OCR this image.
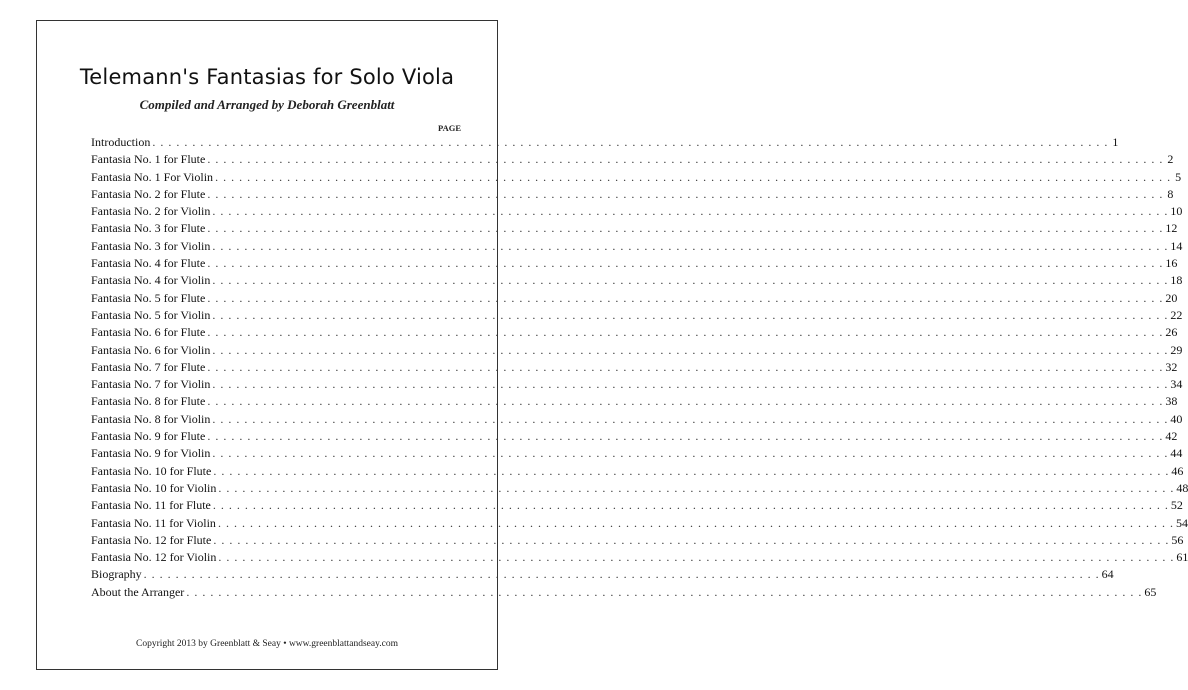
Telemann's Fantasias for Solo Viola
Compiled and Arranged by Deborah Greenblatt
PAGE
Introduction . . . . . . . . . . . . . . . . . . . . . . . . . . . . . . . . . . . . . . . . . . . . . . . . . . . . . . . . . . . . . . . . . . . . . . . . . . . . . . . . . . . . . . . . . . . . . . . . . . . . . . . . . . . . . . . . . . . . . . . . 1
Fantasia No. 1 for Flute . . . . . . . . . . . . . . . . . . . . . . . . . . . . . . . . . . . . . . . . . . . . . . . . . . . . . . . . . . . . . . . . . . . . . . . . . . . . . . . . . . . . . . . . . . . . . . . . . . . . . . . . . . . . . . . . . . . . . . . . 2
Fantasia No. 1 For Violin . . . . . . . . . . . . . . . . . . . . . . . . . . . . . . . . . . . . . . . . . . . . . . . . . . . . . . . . . . . . . . . . . . . . . . . . . . . . . . . . . . . . . . . . . . . . . . . . . . . . . . . . . . . . . . . . . . . . . . . . 5
Fantasia No. 2 for Flute . . . . . . . . . . . . . . . . . . . . . . . . . . . . . . . . . . . . . . . . . . . . . . . . . . . . . . . . . . . . . . . . . . . . . . . . . . . . . . . . . . . . . . . . . . . . . . . . . . . . . . . . . . . . . . . . . . . . . . . . 8
Fantasia No. 2 for Violin . . . . . . . . . . . . . . . . . . . . . . . . . . . . . . . . . . . . . . . . . . . . . . . . . . . . . . . . . . . . . . . . . . . . . . . . . . . . . . . . . . . . . . . . . . . . . . . . . . . . . . . . . . . . . . . . . . . . . . . . 10
Fantasia No. 3 for Flute . . . . . . . . . . . . . . . . . . . . . . . . . . . . . . . . . . . . . . . . . . . . . . . . . . . . . . . . . . . . . . . . . . . . . . . . . . . . . . . . . . . . . . . . . . . . . . . . . . . . . . . . . . . . . . . . . . . . . . . . 12
Fantasia No. 3 for Violin . . . . . . . . . . . . . . . . . . . . . . . . . . . . . . . . . . . . . . . . . . . . . . . . . . . . . . . . . . . . . . . . . . . . . . . . . . . . . . . . . . . . . . . . . . . . . . . . . . . . . . . . . . . . . . . . . . . . . . . . 14
Fantasia No. 4 for Flute . . . . . . . . . . . . . . . . . . . . . . . . . . . . . . . . . . . . . . . . . . . . . . . . . . . . . . . . . . . . . . . . . . . . . . . . . . . . . . . . . . . . . . . . . . . . . . . . . . . . . . . . . . . . . . . . . . . . . . . . 16
Fantasia No. 4 for Violin . . . . . . . . . . . . . . . . . . . . . . . . . . . . . . . . . . . . . . . . . . . . . . . . . . . . . . . . . . . . . . . . . . . . . . . . . . . . . . . . . . . . . . . . . . . . . . . . . . . . . . . . . . . . . . . . . . . . . . . . 18
Fantasia No. 5 for Flute . . . . . . . . . . . . . . . . . . . . . . . . . . . . . . . . . . . . . . . . . . . . . . . . . . . . . . . . . . . . . . . . . . . . . . . . . . . . . . . . . . . . . . . . . . . . . . . . . . . . . . . . . . . . . . . . . . . . . . . . 20
Fantasia No. 5 for Violin . . . . . . . . . . . . . . . . . . . . . . . . . . . . . . . . . . . . . . . . . . . . . . . . . . . . . . . . . . . . . . . . . . . . . . . . . . . . . . . . . . . . . . . . . . . . . . . . . . . . . . . . . . . . . . . . . . . . . . . . 22
Fantasia No. 6 for Flute . . . . . . . . . . . . . . . . . . . . . . . . . . . . . . . . . . . . . . . . . . . . . . . . . . . . . . . . . . . . . . . . . . . . . . . . . . . . . . . . . . . . . . . . . . . . . . . . . . . . . . . . . . . . . . . . . . . . . . . . 26
Fantasia No. 6 for Violin . . . . . . . . . . . . . . . . . . . . . . . . . . . . . . . . . . . . . . . . . . . . . . . . . . . . . . . . . . . . . . . . . . . . . . . . . . . . . . . . . . . . . . . . . . . . . . . . . . . . . . . . . . . . . . . . . . . . . . . . 29
Fantasia No. 7 for Flute . . . . . . . . . . . . . . . . . . . . . . . . . . . . . . . . . . . . . . . . . . . . . . . . . . . . . . . . . . . . . . . . . . . . . . . . . . . . . . . . . . . . . . . . . . . . . . . . . . . . . . . . . . . . . . . . . . . . . . . . 32
Fantasia No. 7 for Violin . . . . . . . . . . . . . . . . . . . . . . . . . . . . . . . . . . . . . . . . . . . . . . . . . . . . . . . . . . . . . . . . . . . . . . . . . . . . . . . . . . . . . . . . . . . . . . . . . . . . . . . . . . . . . . . . . . . . . . . . 34
Fantasia No. 8 for Flute . . . . . . . . . . . . . . . . . . . . . . . . . . . . . . . . . . . . . . . . . . . . . . . . . . . . . . . . . . . . . . . . . . . . . . . . . . . . . . . . . . . . . . . . . . . . . . . . . . . . . . . . . . . . . . . . . . . . . . . . 38
Fantasia No. 8 for Violin . . . . . . . . . . . . . . . . . . . . . . . . . . . . . . . . . . . . . . . . . . . . . . . . . . . . . . . . . . . . . . . . . . . . . . . . . . . . . . . . . . . . . . . . . . . . . . . . . . . . . . . . . . . . . . . . . . . . . . . . 40
Fantasia No. 9 for Flute . . . . . . . . . . . . . . . . . . . . . . . . . . . . . . . . . . . . . . . . . . . . . . . . . . . . . . . . . . . . . . . . . . . . . . . . . . . . . . . . . . . . . . . . . . . . . . . . . . . . . . . . . . . . . . . . . . . . . . . . 42
Fantasia No. 9 for Violin . . . . . . . . . . . . . . . . . . . . . . . . . . . . . . . . . . . . . . . . . . . . . . . . . . . . . . . . . . . . . . . . . . . . . . . . . . . . . . . . . . . . . . . . . . . . . . . . . . . . . . . . . . . . . . . . . . . . . . . . 44
Fantasia No. 10 for Flute . . . . . . . . . . . . . . . . . . . . . . . . . . . . . . . . . . . . . . . . . . . . . . . . . . . . . . . . . . . . . . . . . . . . . . . . . . . . . . . . . . . . . . . . . . . . . . . . . . . . . . . . . . . . . . . . . . . . . . . . 46
Fantasia No. 10 for Violin . . . . . . . . . . . . . . . . . . . . . . . . . . . . . . . . . . . . . . . . . . . . . . . . . . . . . . . . . . . . . . . . . . . . . . . . . . . . . . . . . . . . . . . . . . . . . . . . . . . . . . . . . . . . . . . . . . . . . . . . 48
Fantasia No. 11 for Flute . . . . . . . . . . . . . . . . . . . . . . . . . . . . . . . . . . . . . . . . . . . . . . . . . . . . . . . . . . . . . . . . . . . . . . . . . . . . . . . . . . . . . . . . . . . . . . . . . . . . . . . . . . . . . . . . . . . . . . . . 52
Fantasia No. 11 for Violin . . . . . . . . . . . . . . . . . . . . . . . . . . . . . . . . . . . . . . . . . . . . . . . . . . . . . . . . . . . . . . . . . . . . . . . . . . . . . . . . . . . . . . . . . . . . . . . . . . . . . . . . . . . . . . . . . . . . . . . . 54
Fantasia No. 12 for Flute . . . . . . . . . . . . . . . . . . . . . . . . . . . . . . . . . . . . . . . . . . . . . . . . . . . . . . . . . . . . . . . . . . . . . . . . . . . . . . . . . . . . . . . . . . . . . . . . . . . . . . . . . . . . . . . . . . . . . . . . 56
Fantasia No. 12 for Violin . . . . . . . . . . . . . . . . . . . . . . . . . . . . . . . . . . . . . . . . . . . . . . . . . . . . . . . . . . . . . . . . . . . . . . . . . . . . . . . . . . . . . . . . . . . . . . . . . . . . . . . . . . . . . . . . . . . . . . . . 61
Biography . . . . . . . . . . . . . . . . . . . . . . . . . . . . . . . . . . . . . . . . . . . . . . . . . . . . . . . . . . . . . . . . . . . . . . . . . . . . . . . . . . . . . . . . . . . . . . . . . . . . . . . . . . . . . . . . . . . . . . . . 64
About the Arranger . . . . . . . . . . . . . . . . . . . . . . . . . . . . . . . . . . . . . . . . . . . . . . . . . . . . . . . . . . . . . . . . . . . . . . . . . . . . . . . . . . . . . . . . . . . . . . . . . . . . . . . . . . . . . . . . . . . . . . . . 65
Copyright 2013 by Greenblatt & Seay • www.greenblattandseay.com
